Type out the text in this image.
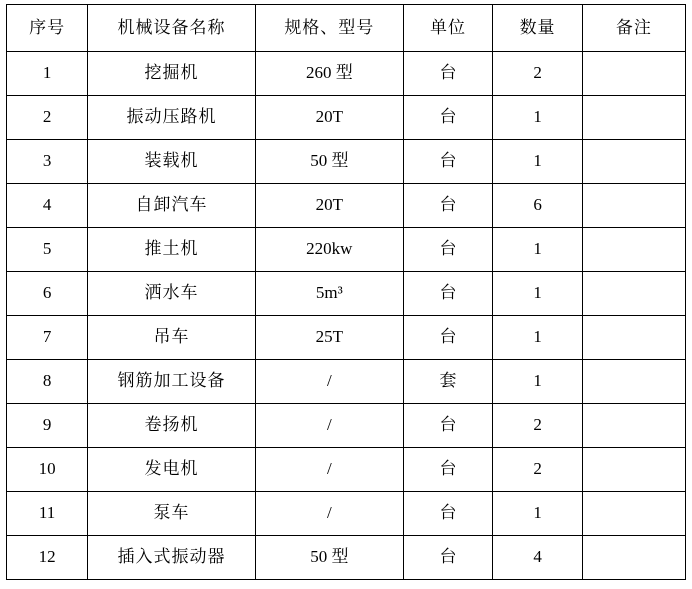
序号	机械设备名称	规格、型号	单位	数量	备注
1	挖掘机	260 型	台	2	
2	振动压路机	20T	台	1	
3	装载机	50 型	台	1	
4	自卸汽车	20T	台	6	
5	推土机	220kw	台	1	
6	洒水车	5m³	台	1	
7	吊车	25T	台	1	
8	钢筋加工设备	/	套	1	
9	卷扬机	/	台	2	
10	发电机	/	台	2	
11	泵车	/	台	1	
12	插入式振动器	50 型	台	4	
